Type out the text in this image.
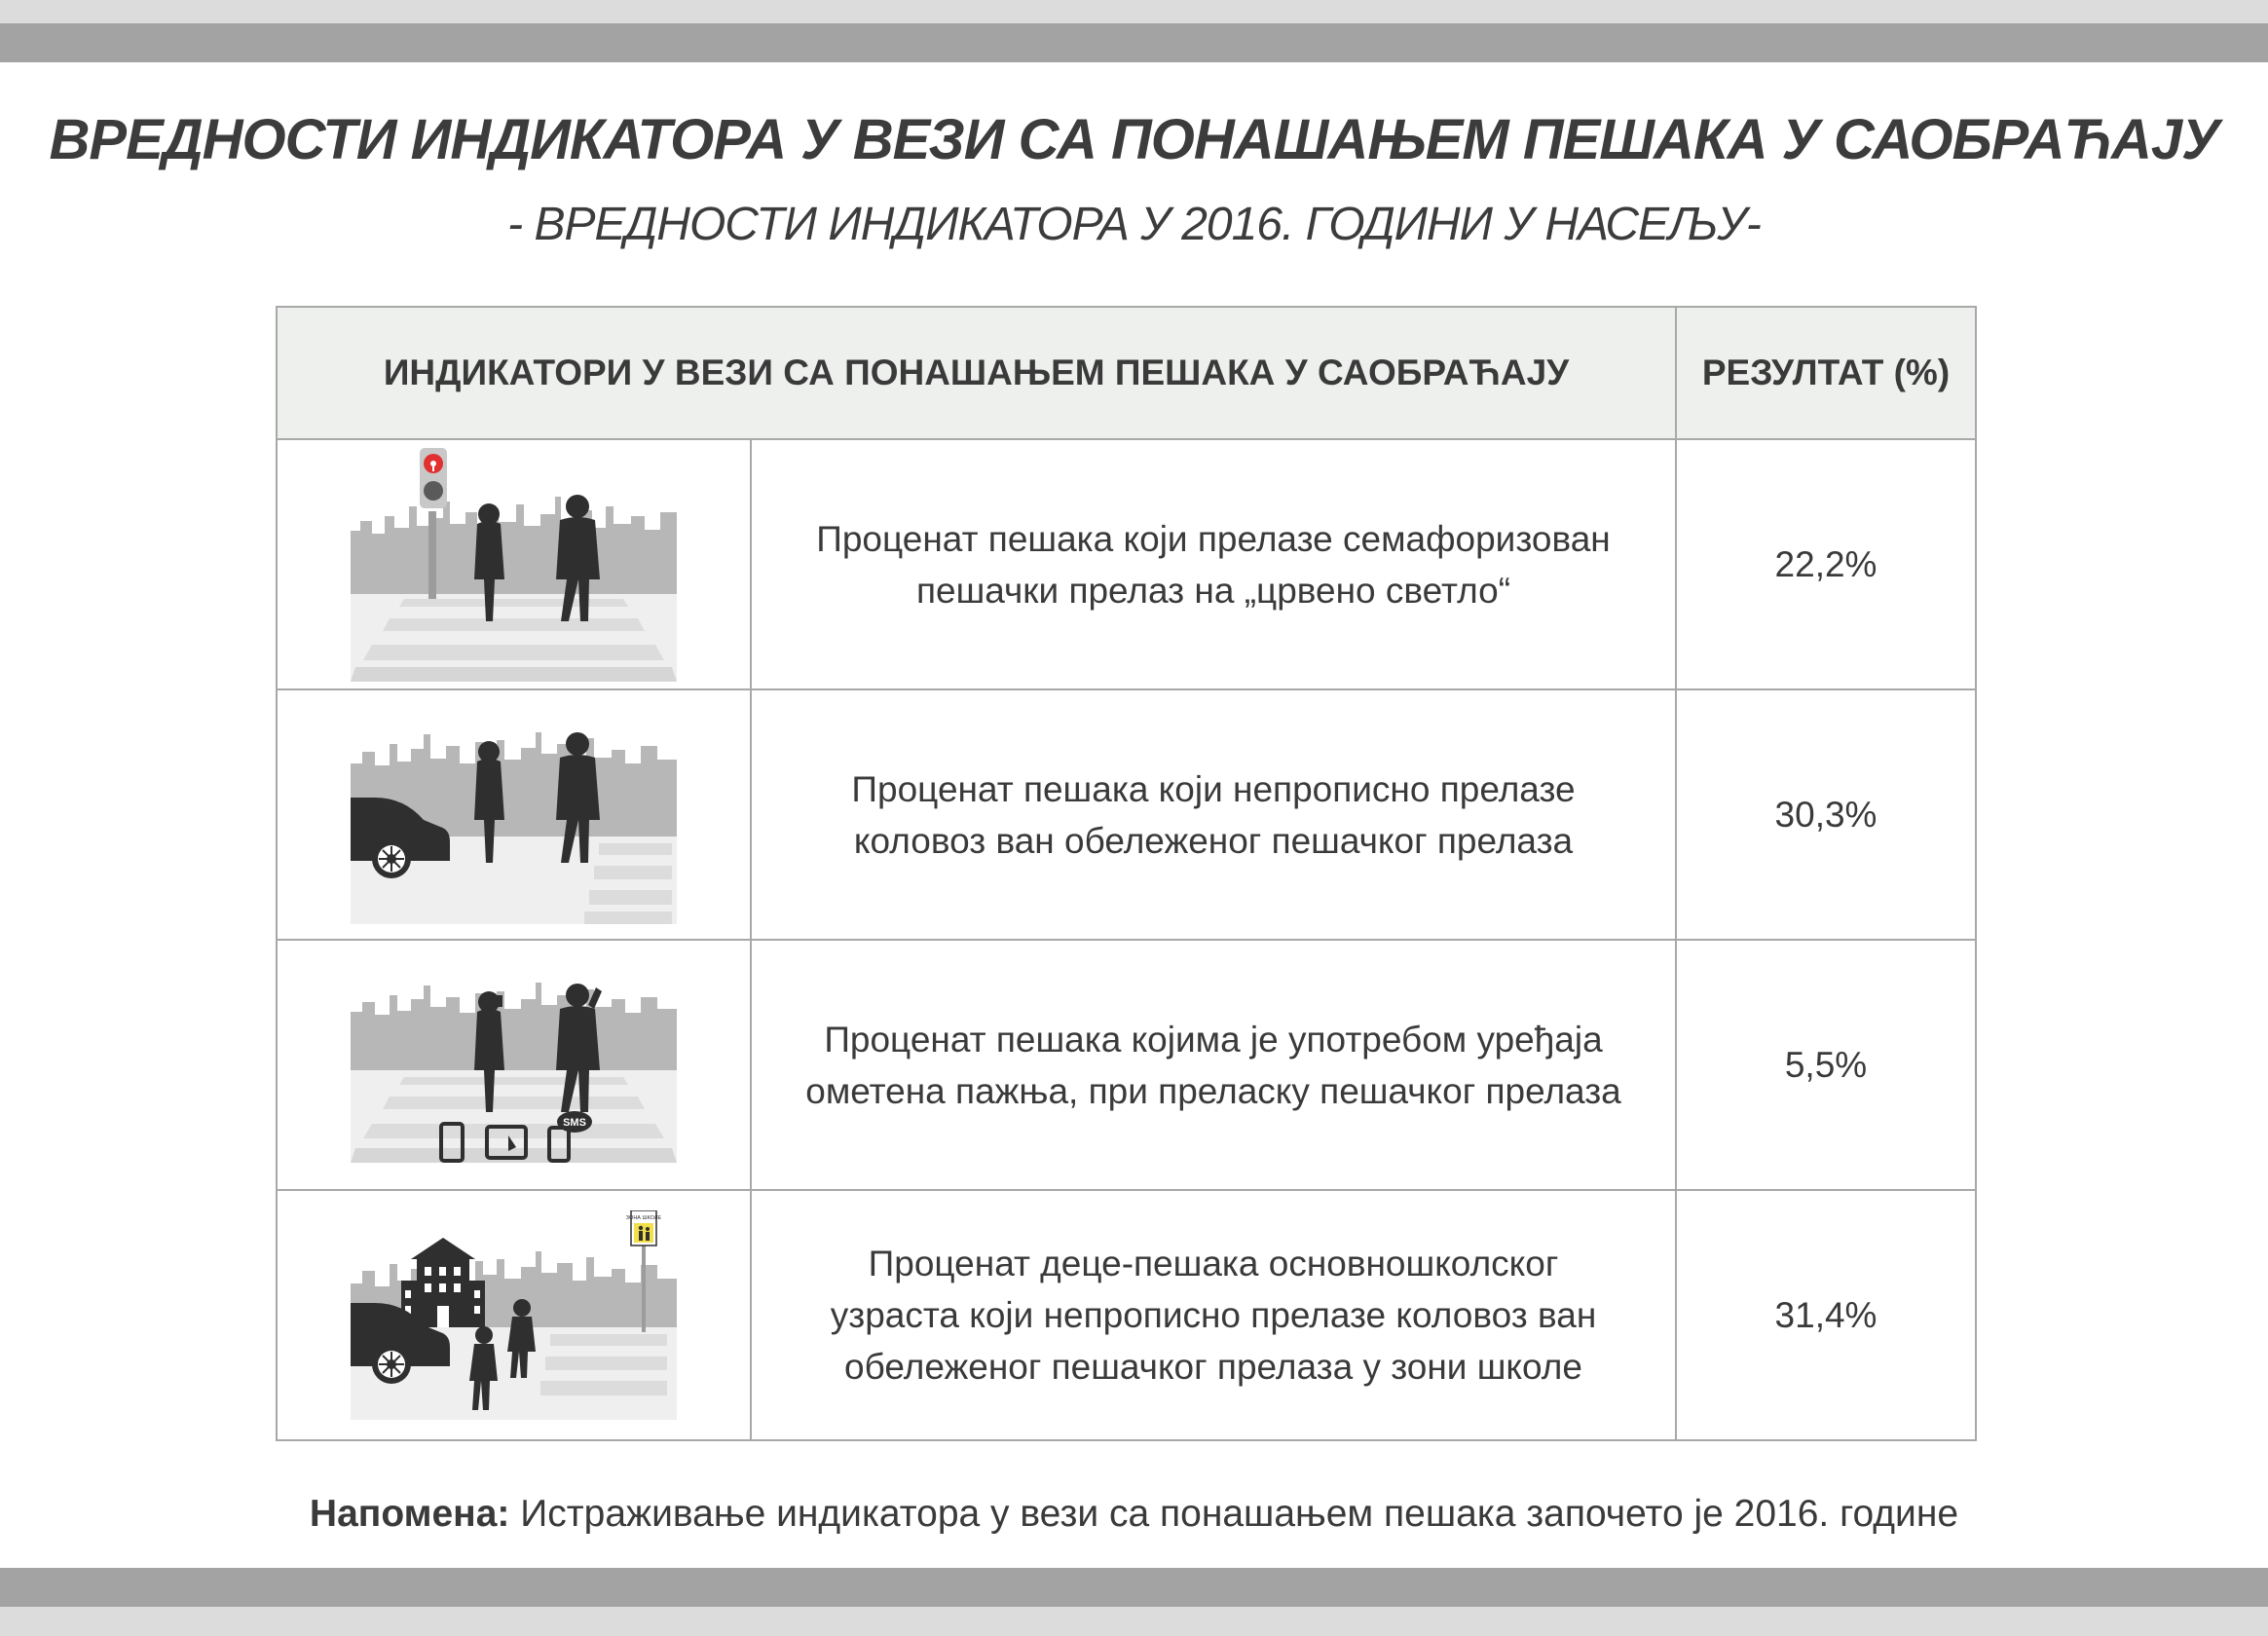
ВРЕДНОСТИ ИНДИКАТОРА У ВЕЗИ СА ПОНАШАЊЕМ ПЕШАКА У САОБРАЋАЈУ
- ВРЕДНОСТИ ИНДИКАТОРА У 2016. ГОДИНИ У НАСЕЉУ-
ИНДИКАТОРИ У ВЕЗИ СА ПОНАШАЊЕМ ПЕШАКА У САОБРАЋАЈУ		РЕЗУЛТАТ (%)

Проценат пешака који прелазе семафоризован
пешачки прелаз на „црвено светло“	22,2%

Проценат пешака који непрописно прелазе
коловоз ван обележеног пешачког прелаза	30,3%

SMS	Проценат пешака којима је употребом уређаја
ометена пажња, при преласку пешачког прелаза	5,5%

ЗОНА ШКОЛЕ	Проценат деце-пешака основношколског
узраста који непрописно прелазе коловоз ван
обележеног пешачког прелаза у зони школе	31,4%
Напомена: Истраживање индикатора у вези са понашањем пешака започето је 2016. године
